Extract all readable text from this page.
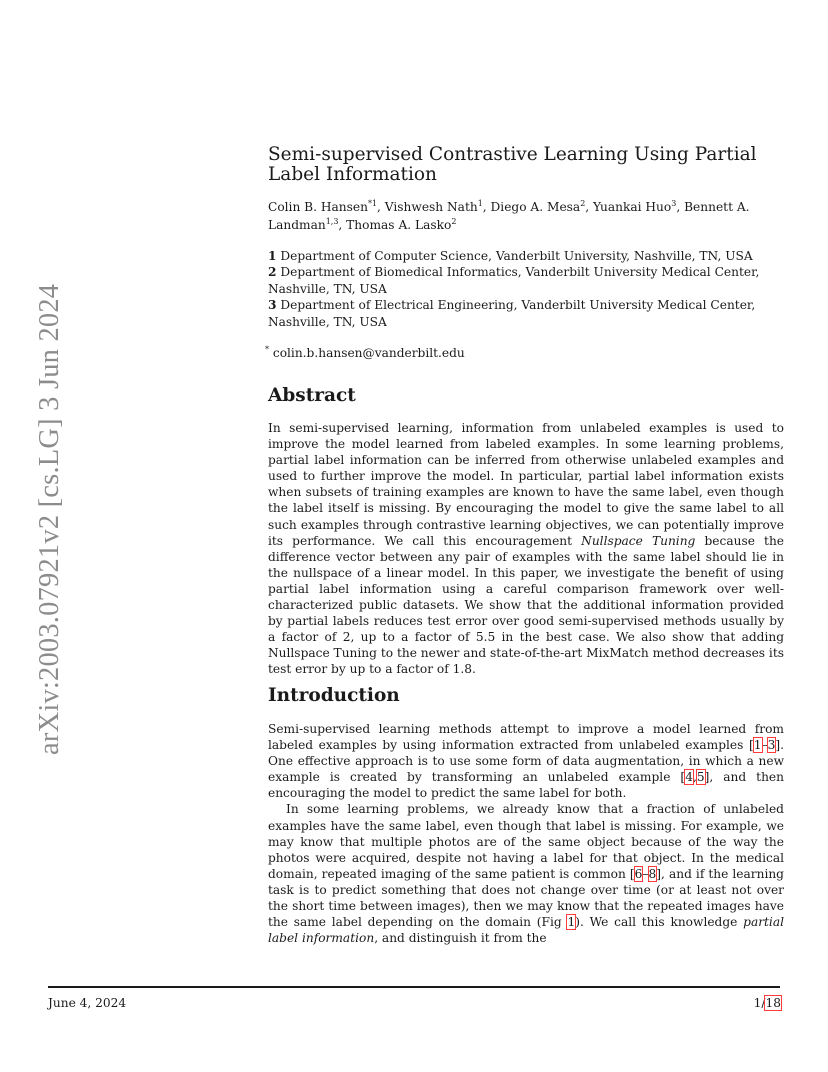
arXiv:2003.07921v2 [cs.LG] 3 Jun 2024
Semi-supervised Contrastive Learning Using Partial Label Information
Colin B. Hansen$^{*1}$, Vishwesh Nath$^1$, Diego A. Mesa$^2$, Yuankai Huo$^3$, Bennett A. Landman$^{1,3}$, Thomas A. Lasko$^2$
1 Department of Computer Science, Vanderbilt University, Nashville, TN, USA
2 Department of Biomedical Informatics, Vanderbilt University Medical Center, Nashville, TN, USA
3 Department of Electrical Engineering, Vanderbilt University Medical Center, Nashville, TN, USA
* colin.b.hansen@vanderbilt.edu
Abstract

In semi-supervised learning, information from unlabeled examples is used to improve the model learned from labeled examples. In some learning problems, partial label information can be inferred from otherwise unlabeled examples and used to further improve the model. In particular, partial label information exists when subsets of training examples are known to have the same label, even though the label itself is missing. By encouraging the model to give the same label to all such examples through contrastive learning objectives, we can potentially improve its performance. We call this encouragement Nullspace Tuning because the difference vector between any pair of examples with the same label should lie in the nullspace of a linear model. In this paper, we investigate the benefit of using partial label information using a careful comparison framework over well-characterized public datasets. We show that the additional information provided by partial labels reduces test error over good semi-supervised methods usually by a factor of 2, up to a factor of 5.5 in the best case. We also show that adding Nullspace Tuning to the newer and state-of-the-art MixMatch method decreases its test error by up to a factor of 1.8.

Introduction

Semi-supervised learning methods attempt to improve a model learned from labeled examples by using information extracted from unlabeled examples [1–3]. One effective approach is to use some form of data augmentation, in which a new example is created by transforming an unlabeled example [4,5], and then encouraging the model to predict the same label for both.

In some learning problems, we already know that a fraction of unlabeled examples have the same label, even though that label is missing. For example, we may know that multiple photos are of the same object because of the way the photos were acquired, despite not having a label for that object. In the medical domain, repeated imaging of the same patient is common [6–8], and if the learning task is to predict something that does not change over time (or at least not over the short time between images), then we may know that the repeated images have the same label depending on the domain (Fig 1). We call this knowledge partial label information, and distinguish it from the

June 4, 2024	1/18
